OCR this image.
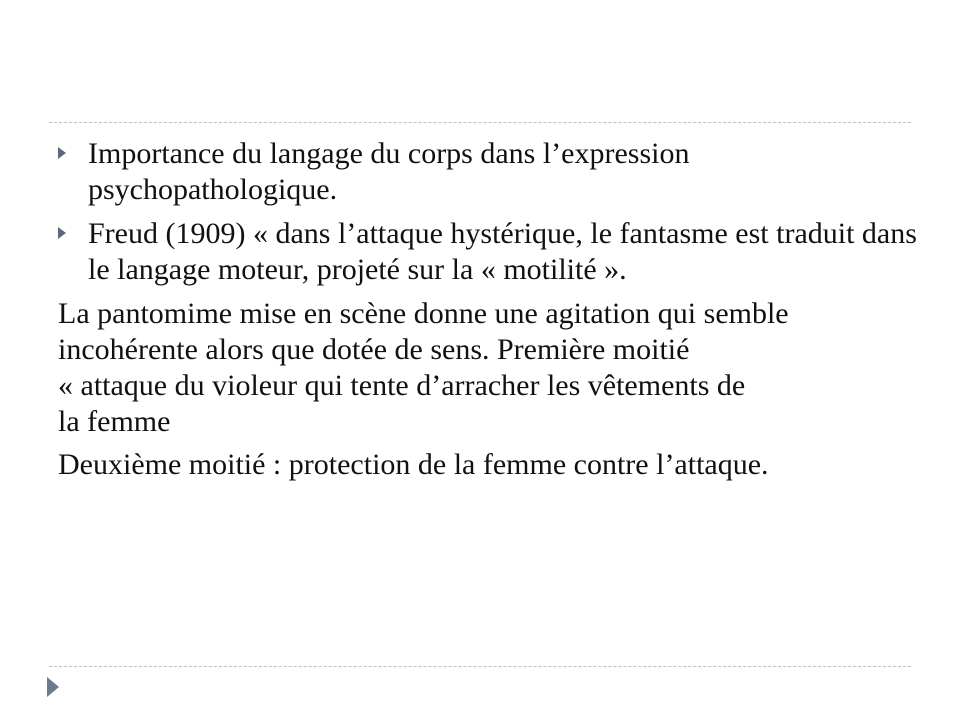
Importance du langage du corps dans l’expression psychopathologique.
Freud (1909) « dans l’attaque hystérique, le fantasme est traduit dans le langage moteur, projeté sur la « motilité ».
La pantomime mise en scène donne une agitation qui semble
incohérente alors que dotée de sens. Première moitié
« attaque du violeur qui tente d’arracher les vêtements de
la femme
Deuxième moitié : protection de la femme contre l’attaque.
